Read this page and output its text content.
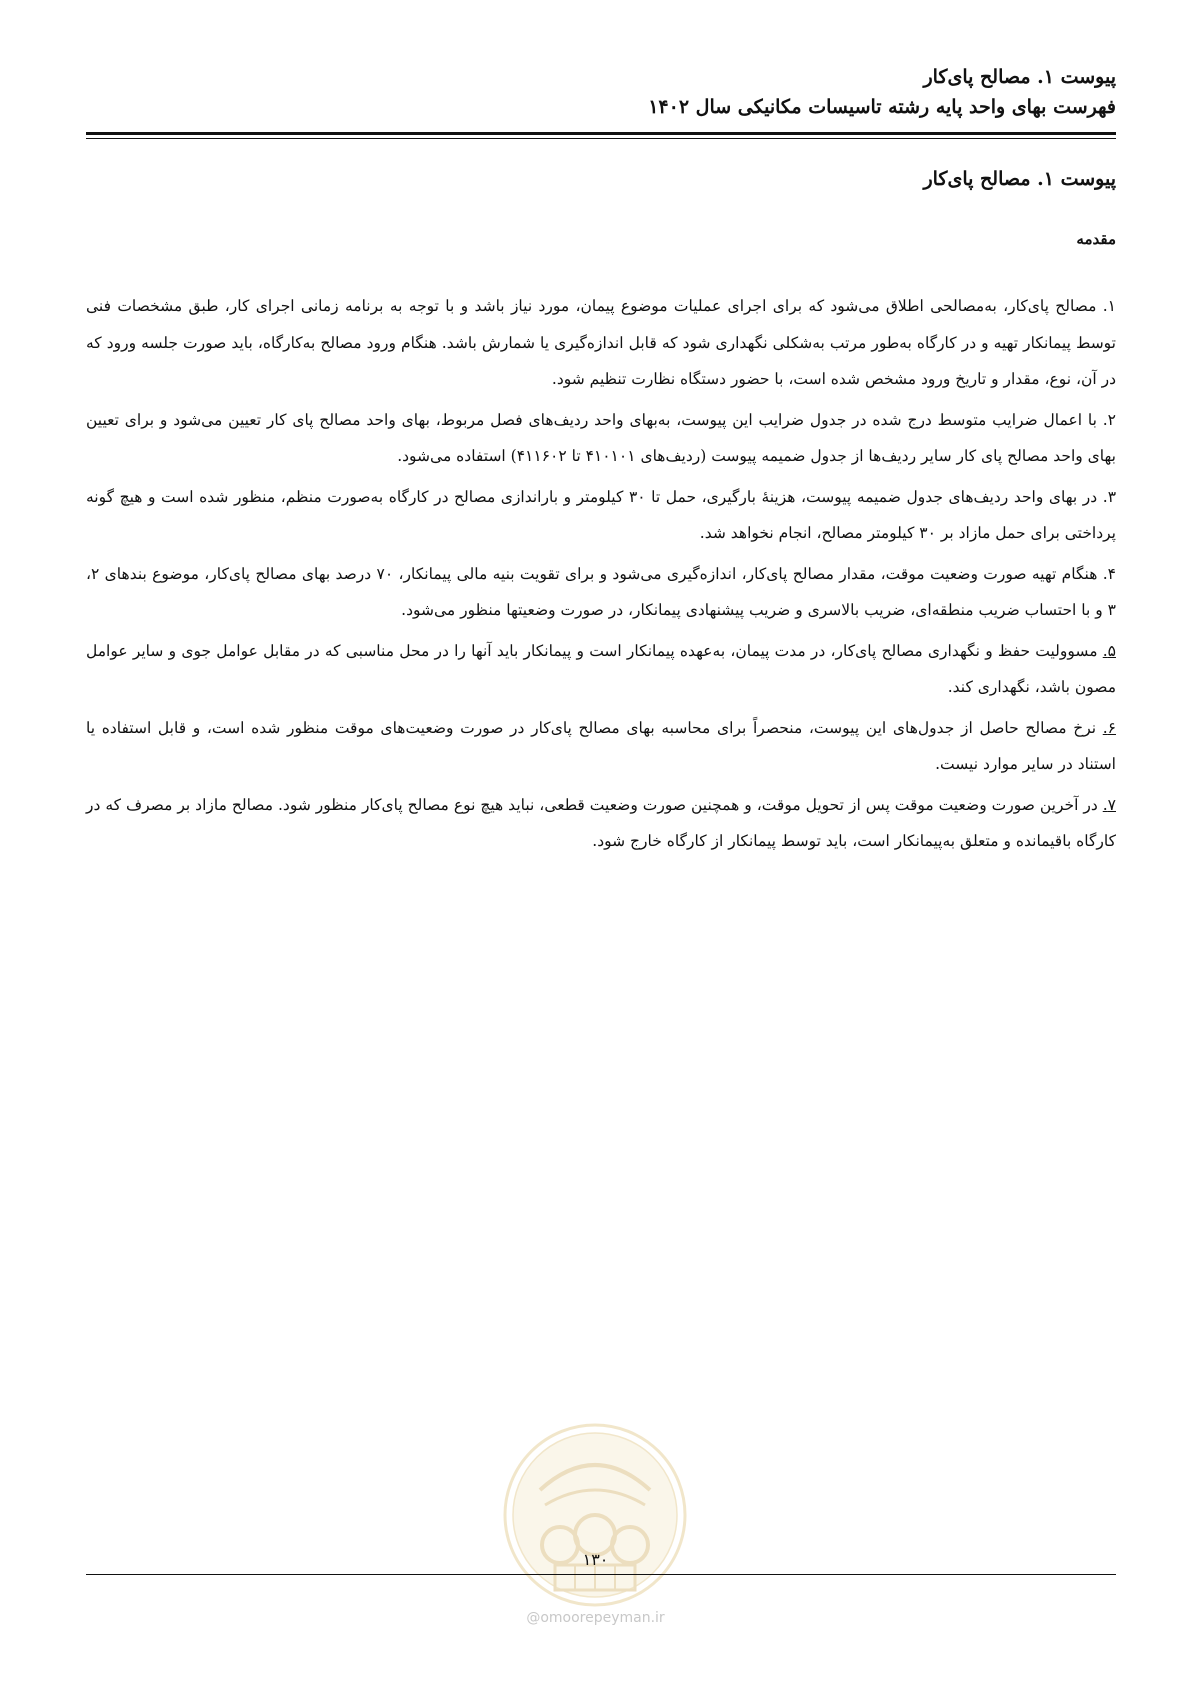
پیوست ۱. مصالح پای‌کار
فهرست بهای واحد پایه رشته تاسیسات مکانیکی سال ۱۴۰۲
پیوست ۱. مصالح پای‌کار
مقدمه

۱. مصالح پای‌کار، به‌مصالحی اطلاق می‌شود که برای اجرای عملیات موضوع پیمان، مورد نیاز باشد و با توجه به برنامه زمانی اجرای کار، طبق مشخصات فنی توسط پیمانکار تهیه و در کارگاه به‌طور مرتب به‌شکلی نگهداری شود که قابل اندازه‌گیری یا شمارش باشد. هنگام ورود مصالح به‌کارگاه، باید صورت جلسه ورود که در آن، نوع، مقدار و تاریخ ورود مشخص شده است، با حضور دستگاه نظارت تنظیم شود.

۲. با اعمال ضرایب متوسط درج شده در جدول ضرایب این پیوست، به‌بهای واحد ردیف‌های فصل مربوط، بهای واحد مصالح پای کار تعیین می‌شود و برای تعیین بهای واحد مصالح پای کار سایر ردیف‌ها از جدول ضمیمه پیوست (ردیف‌های ۴۱۰۱۰۱ تا ۴۱۱۶۰۲) استفاده می‌شود.

۳. در بهای واحد ردیف‌های جدول ضمیمه پیوست، هزینهٔ بارگیری، حمل تا ۳۰ کیلومتر و باراندازی مصالح در کارگاه به‌صورت منظم، منظور شده است و هیچ گونه پرداختی برای حمل مازاد بر ۳۰ کیلومتر مصالح، انجام نخواهد شد.

۴. هنگام تهیه صورت وضعیت موقت، مقدار مصالح پای‌کار، اندازه‌گیری می‌شود و برای تقویت بنیه مالی پیمانکار، ۷۰ درصد بهای مصالح پای‌کار، موضوع بندهای ۲، ۳ و با احتساب ضریب منطقه‌ای، ضریب بالاسری و ضریب پیشنهادی پیمانکار، در صورت وضعیتها منظور می‌شود.

۵. مسوولیت حفظ و نگهداری مصالح پای‌کار، در مدت پیمان، به‌عهده پیمانکار است و پیمانکار باید آنها را در محل مناسبی که در مقابل عوامل جوی و سایر عوامل مصون باشد، نگهداری کند.

۶. نرخ مصالح حاصل از جدول‌های این پیوست، منحصراً برای محاسبه بهای مصالح پای‌کار در صورت وضعیت‌های موقت منظور شده است، و قابل استفاده یا استناد در سایر موارد نیست.

۷. در آخرین صورت وضعیت موقت پس از تحویل موقت، و همچنین صورت وضعیت قطعی، نباید هیچ نوع مصالح پای‌کار منظور شود. مصالح مازاد بر مصرف که در کارگاه باقیمانده و متعلق به‌پیمانکار است، باید توسط پیمانکار از کارگاه خارج شود.

۱۳۰
@omoorepeyman.ir
